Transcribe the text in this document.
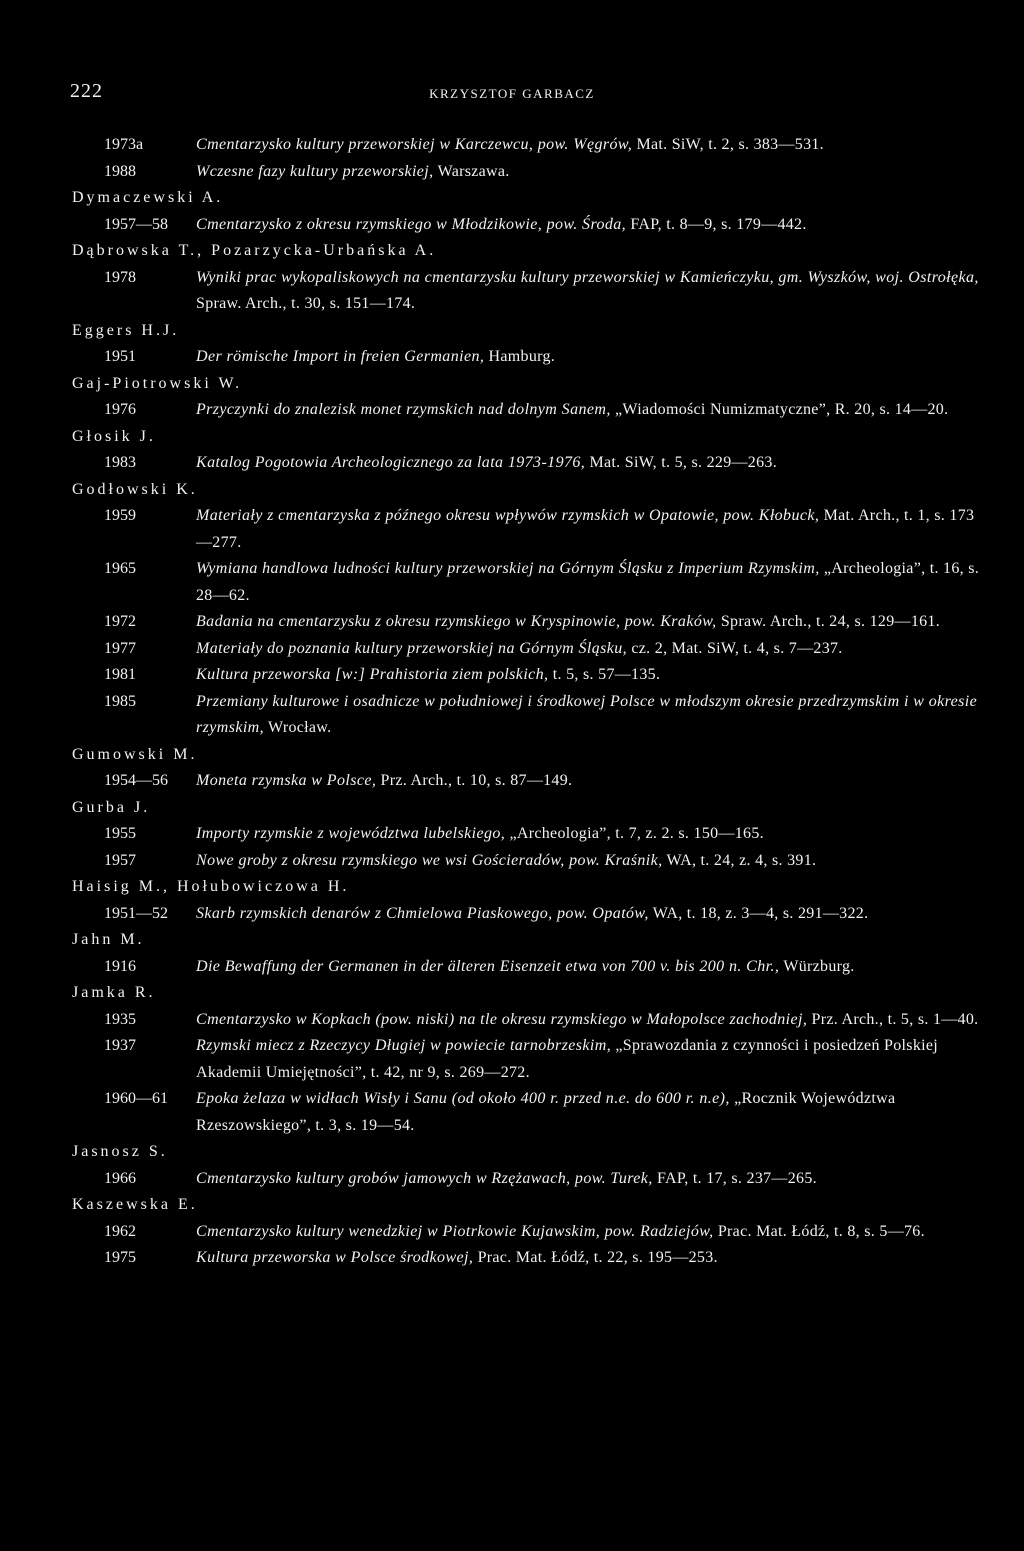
222	KRZYSZTOF GARBACZ
1973a	Cmentarzysko kultury przeworskiej w Karczewcu, pow. Węgrów, Mat. SiW, t. 2, s. 383—531.
1988	Wczesne fazy kultury przeworskiej, Warszawa.
Dymaczewski A.
1957—58	Cmentarzysko z okresu rzymskiego w Młodzikowie, pow. Środa, FAP, t. 8—9, s. 179—442.
Dąbrowska T., Pozarzycka-Urbańska A.
1978	Wyniki prac wykopaliskowych na cmentarzysku kultury przeworskiej w Kamieńczyku, gm. Wyszków, woj. Ostrołęka, Spraw. Arch., t. 30, s. 151—174.
Eggers H.J.
1951	Der römische Import in freien Germanien, Hamburg.
Gaj-Piotrowski W.
1976	Przyczynki do znalezisk monet rzymskich nad dolnym Sanem, „Wiadomości Numizmatyczne”, R. 20, s. 14—20.
Głosik J.
1983	Katalog Pogotowia Archeologicznego za lata 1973-1976, Mat. SiW, t. 5, s. 229—263.
Godłowski K.
1959	Materiały z cmentarzyska z późnego okresu wpływów rzymskich w Opatowie, pow. Kłobuck, Mat. Arch., t. 1, s. 173—277.
1965	Wymiana handlowa ludności kultury przeworskiej na Górnym Śląsku z Imperium Rzymskim, „Archeologia”, t. 16, s. 28—62.
1972	Badania na cmentarzysku z okresu rzymskiego w Kryspinowie, pow. Kraków, Spraw. Arch., t. 24, s. 129—161.
1977	Materiały do poznania kultury przeworskiej na Górnym Śląsku, cz. 2, Mat. SiW, t. 4, s. 7—237.
1981	Kultura przeworska [w:] Prahistoria ziem polskich, t. 5, s. 57—135.
1985	Przemiany kulturowe i osadnicze w południowej i środkowej Polsce w młodszym okresie przedrzymskim i w okresie rzymskim, Wrocław.
Gumowski M.
1954—56	Moneta rzymska w Polsce, Prz. Arch., t. 10, s. 87—149.
Gurba J.
1955	Importy rzymskie z województwa lubelskiego, „Archeologia”, t. 7, z. 2. s. 150—165.
1957	Nowe groby z okresu rzymskiego we wsi Gościeradów, pow. Kraśnik, WA, t. 24, z. 4, s. 391.
Haisig M., Hołubowiczowa H.
1951—52	Skarb rzymskich denarów z Chmielowa Piaskowego, pow. Opatów, WA, t. 18, z. 3—4, s. 291—322.
Jahn M.
1916	Die Bewaffung der Germanen in der älteren Eisenzeit etwa von 700 v. bis 200 n. Chr., Würzburg.
Jamka R.
1935	Cmentarzysko w Kopkach (pow. niski) na tle okresu rzymskiego w Małopolsce zachodniej, Prz. Arch., t. 5, s. 1—40.
1937	Rzymski miecz z Rzeczycy Długiej w powiecie tarnobrzeskim, „Sprawozdania z czynności i posiedzeń Polskiej Akademii Umiejętności”, t. 42, nr 9, s. 269—272.
1960—61	Epoka żelaza w widłach Wisły i Sanu (od około 400 r. przed n.e. do 600 r. n.e), „Rocznik Województwa Rzeszowskiego”, t. 3, s. 19—54.
Jasnosz S.
1966	Cmentarzysko kultury grobów jamowych w Rzężawach, pow. Turek, FAP, t. 17, s. 237—265.
Kaszewska E.
1962	Cmentarzysko kultury wenedzkiej w Piotrkowie Kujawskim, pow. Radziejów, Prac. Mat. Łódź, t. 8, s. 5—76.
1975	Kultura przeworska w Polsce środkowej, Prac. Mat. Łódź, t. 22, s. 195—253.
